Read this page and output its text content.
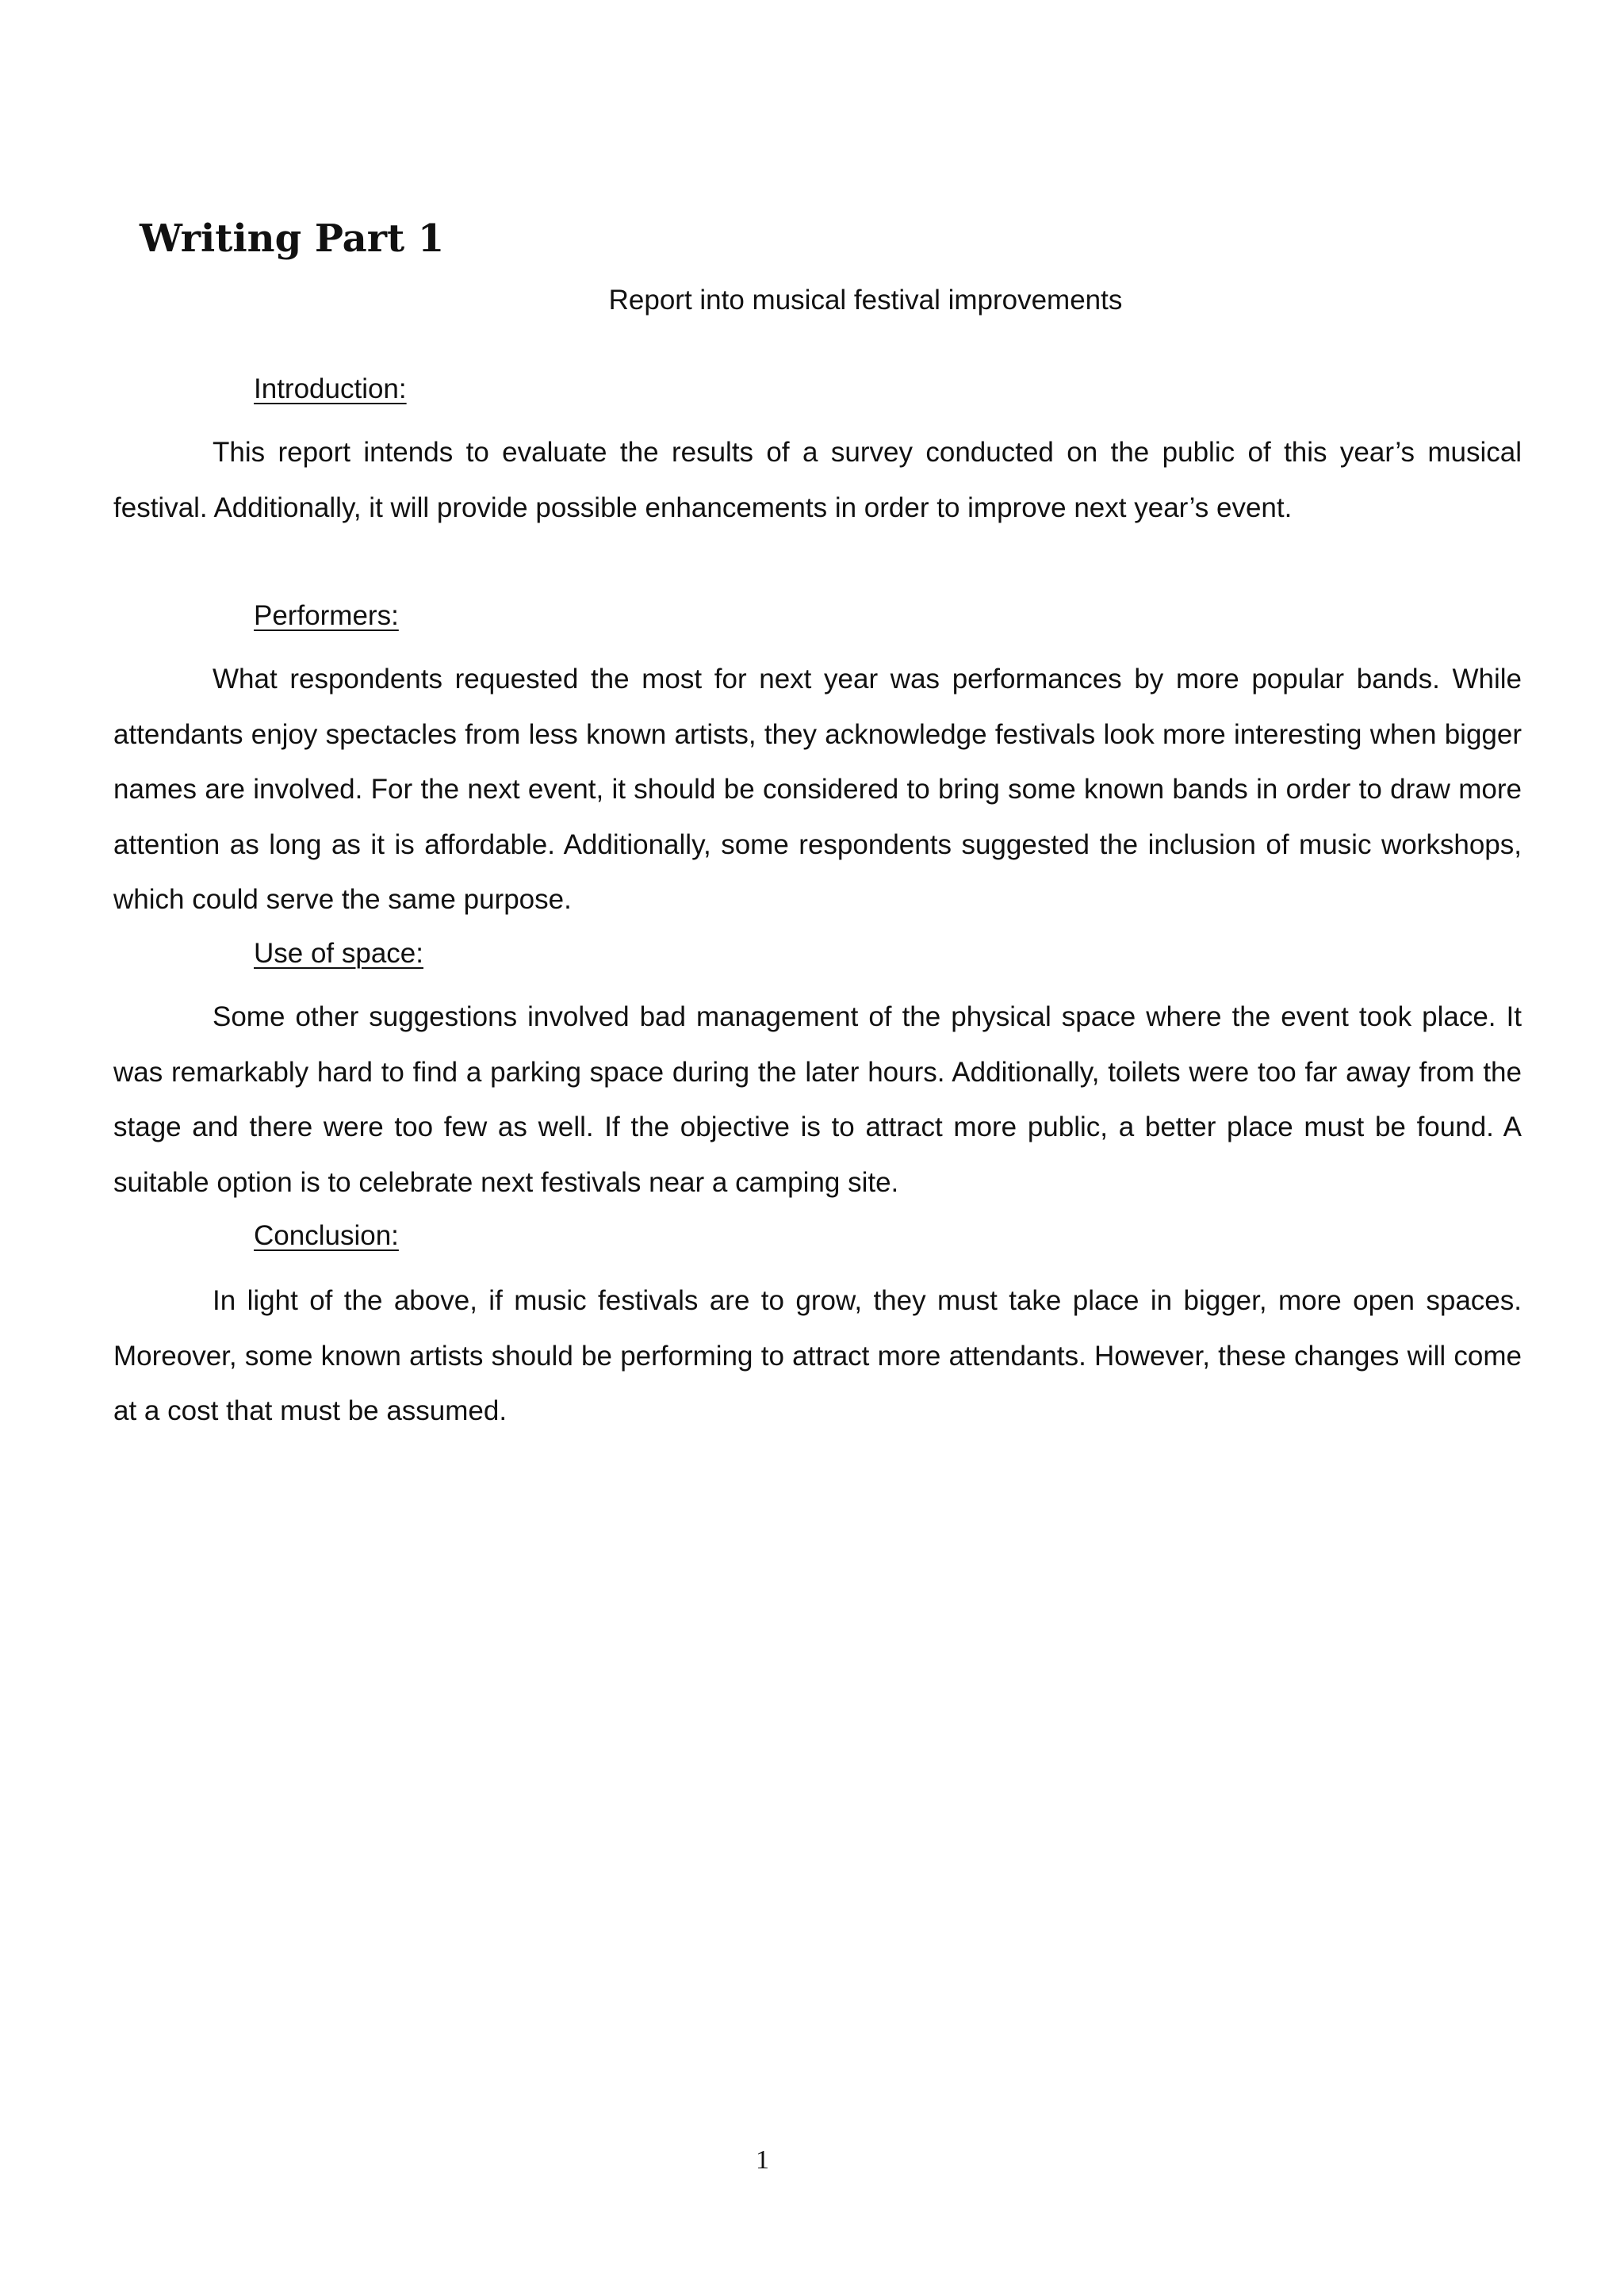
Writing Part 1

Report into musical festival improvements

Introduction:

This report intends to evaluate the results of a survey conducted on the public of this year’s musical festival. Additionally, it will provide possible enhancements in order to improve next year’s event.

Performers:

What respondents requested the most for next year was performances by more popular bands. While attendants enjoy spectacles from less known artists, they acknowledge festivals look more interesting when bigger names are involved. For the next event, it should be considered to bring some known bands in order to draw more attention as long as it is affordable. Additionally, some respondents suggested the inclusion of music workshops, which could serve the same purpose.

Use of space:

Some other suggestions involved bad management of the physical space where the event took place. It was remarkably hard to find a parking space during the later hours. Additionally, toilets were too far away from the stage and there were too few as well. If the objective is to attract more public, a better place must be found. A suitable option is to celebrate next festivals near a camping site.

Conclusion:

In light of the above, if music festivals are to grow, they must take place in bigger, more open spaces. Moreover, some known artists should be performing to attract more attendants. However, these changes will come at a cost that must be assumed.

1
